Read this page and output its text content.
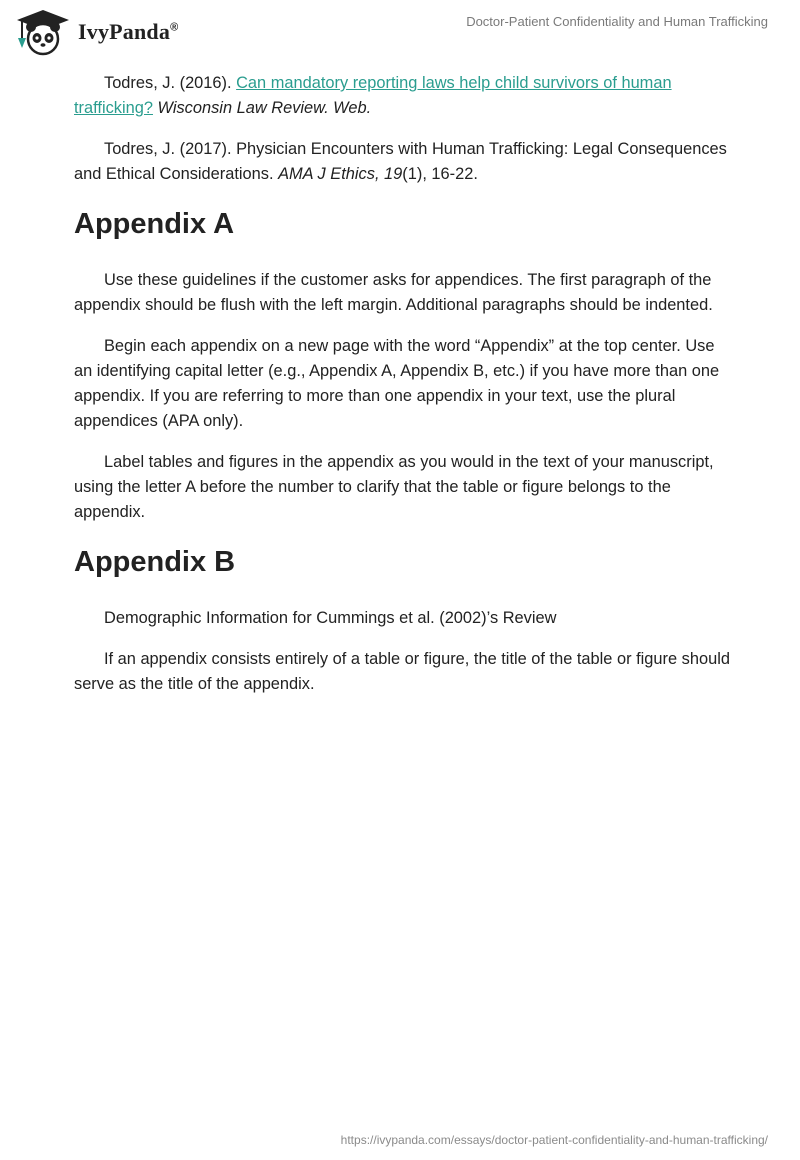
IvyPanda®	Doctor-Patient Confidentiality and Human Trafficking

Todres, J. (2016). Can mandatory reporting laws help child survivors of human trafficking? Wisconsin Law Review. Web.

Todres, J. (2017). Physician Encounters with Human Trafficking: Legal Consequences and Ethical Considerations. AMA J Ethics, 19(1), 16-22.

Appendix A

Use these guidelines if the customer asks for appendices. The first paragraph of the appendix should be flush with the left margin. Additional paragraphs should be indented.

Begin each appendix on a new page with the word “Appendix” at the top center. Use an identifying capital letter (e.g., Appendix A, Appendix B, etc.) if you have more than one appendix. If you are referring to more than one appendix in your text, use the plural appendices (APA only).

Label tables and figures in the appendix as you would in the text of your manuscript, using the letter A before the number to clarify that the table or figure belongs to the appendix.

Appendix B

Demographic Information for Cummings et al. (2002)’s Review

If an appendix consists entirely of a table or figure, the title of the table or figure should serve as the title of the appendix.

https://ivypanda.com/essays/doctor-patient-confidentiality-and-human-trafficking/
